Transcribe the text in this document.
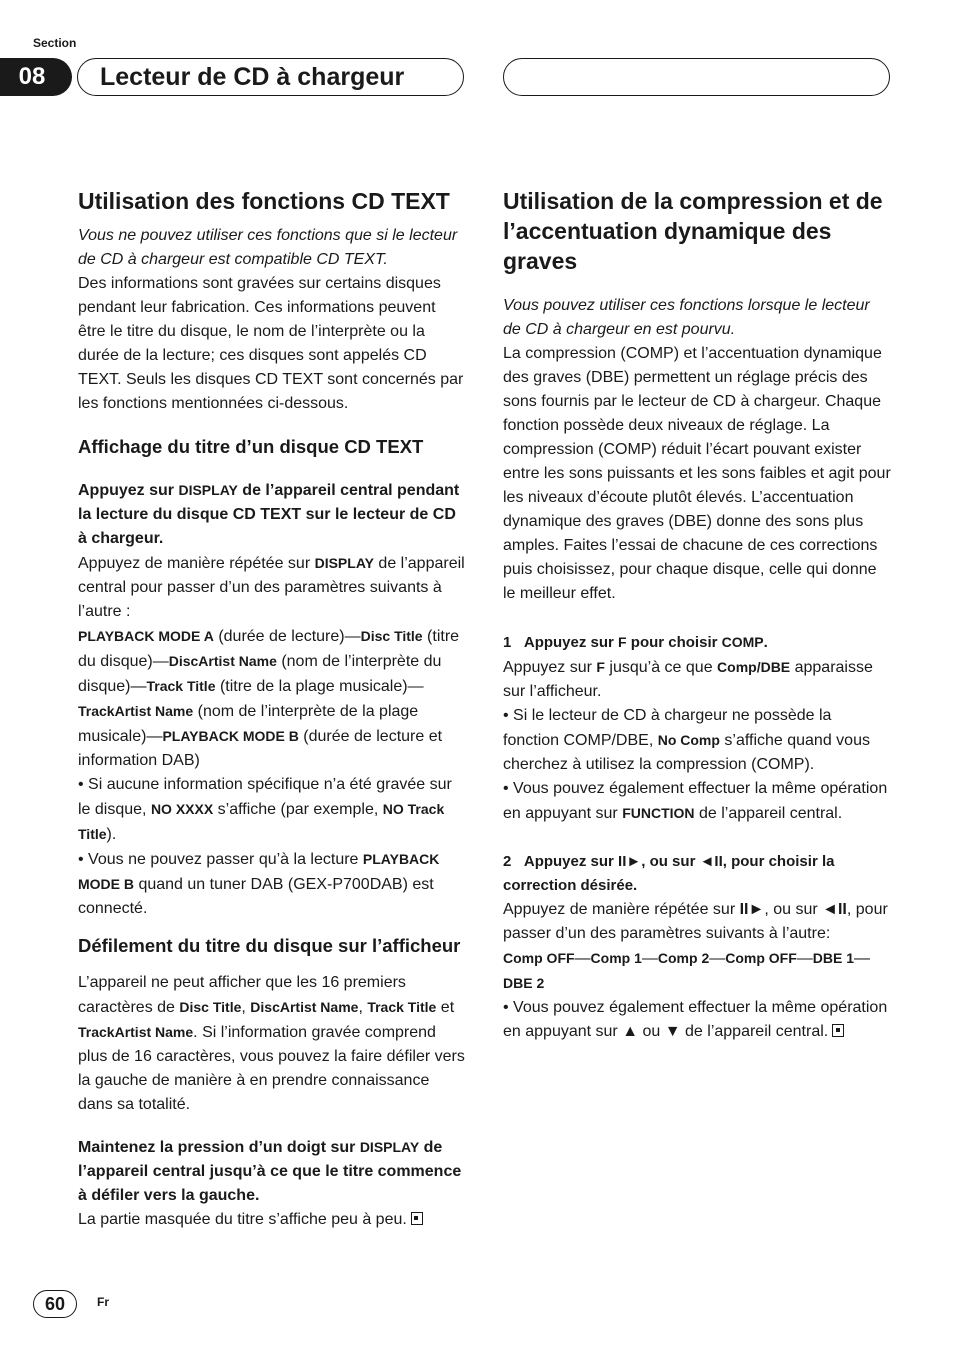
Section
08	Lecteur de CD à chargeur
Utilisation des fonctions CD TEXT

Vous ne pouvez utiliser ces fonctions que si le lecteur de CD à chargeur est compatible CD TEXT.

Des informations sont gravées sur certains disques pendant leur fabrication. Ces informations peuvent être le titre du disque, le nom de l’interprète ou la durée de la lecture; ces disques sont appelés CD TEXT. Seuls les disques CD TEXT sont concernés par les fonctions mentionnées ci-dessous.

Affichage du titre d’un disque CD TEXT

Appuyez sur DISPLAY de l’appareil central pendant la lecture du disque CD TEXT sur le lecteur de CD à chargeur.

Appuyez de manière répétée sur DISPLAY de l’appareil central pour passer d’un des paramètres suivants à l’autre :

PLAYBACK MODE A (durée de lecture)—Disc Title (titre du disque)—DiscArtist Name (nom de l’interprète du disque)—Track Title (titre de la plage musicale)—TrackArtist Name (nom de l’interprète de la plage musicale)—PLAYBACK MODE B (durée de lecture et information DAB)

• Si aucune information spécifique n’a été gravée sur le disque, NO XXXX s’affiche (par exemple, NO Track Title).

• Vous ne pouvez passer qu’à la lecture PLAYBACK MODE B quand un tuner DAB (GEX-P700DAB) est connecté.

Défilement du titre du disque sur l’afficheur

L’appareil ne peut afficher que les 16 premiers caractères de Disc Title, DiscArtist Name, Track Title et TrackArtist Name. Si l’information gravée comprend plus de 16 caractères, vous pouvez la faire défiler vers la gauche de manière à en prendre connaissance dans sa totalité.

Maintenez la pression d’un doigt sur DISPLAY de l’appareil central jusqu’à ce que le titre commence à défiler vers la gauche.

La partie masquée du titre s’affiche peu à peu.

Utilisation de la compression et de l’accentuation dynamique des graves

Vous pouvez utiliser ces fonctions lorsque le lecteur de CD à chargeur en est pourvu.

La compression (COMP) et l’accentuation dynamique des graves (DBE) permettent un réglage précis des sons fournis par le lecteur de CD à chargeur. Chaque fonction possède deux niveaux de réglage. La compression (COMP) réduit l’écart pouvant exister entre les sons puissants et les sons faibles et agit pour les niveaux d’écoute plutôt élevés. L’accentuation dynamique des graves (DBE) donne des sons plus amples. Faites l’essai de chacune de ces corrections puis choisissez, pour chaque disque, celle qui donne le meilleur effet.

1 Appuyez sur F pour choisir COMP.

Appuyez sur F jusqu’à ce que Comp/DBE apparaisse sur l’afficheur.

• Si le lecteur de CD à chargeur ne possède la fonction COMP/DBE, No Comp s’affiche quand vous cherchez à utilisez la compression (COMP).

• Vous pouvez également effectuer la même opération en appuyant sur FUNCTION de l’appareil central.

2 Appuyez sur II►, ou sur ◄II, pour choisir la correction désirée.

Appuyez de manière répétée sur II►, ou sur ◄II, pour passer d’un des paramètres suivants à l’autre:

Comp OFF—Comp 1—Comp 2—Comp OFF—DBE 1—DBE 2

• Vous pouvez également effectuer la même opération en appuyant sur ▲ ou ▼ de l’appareil central.

60	Fr
